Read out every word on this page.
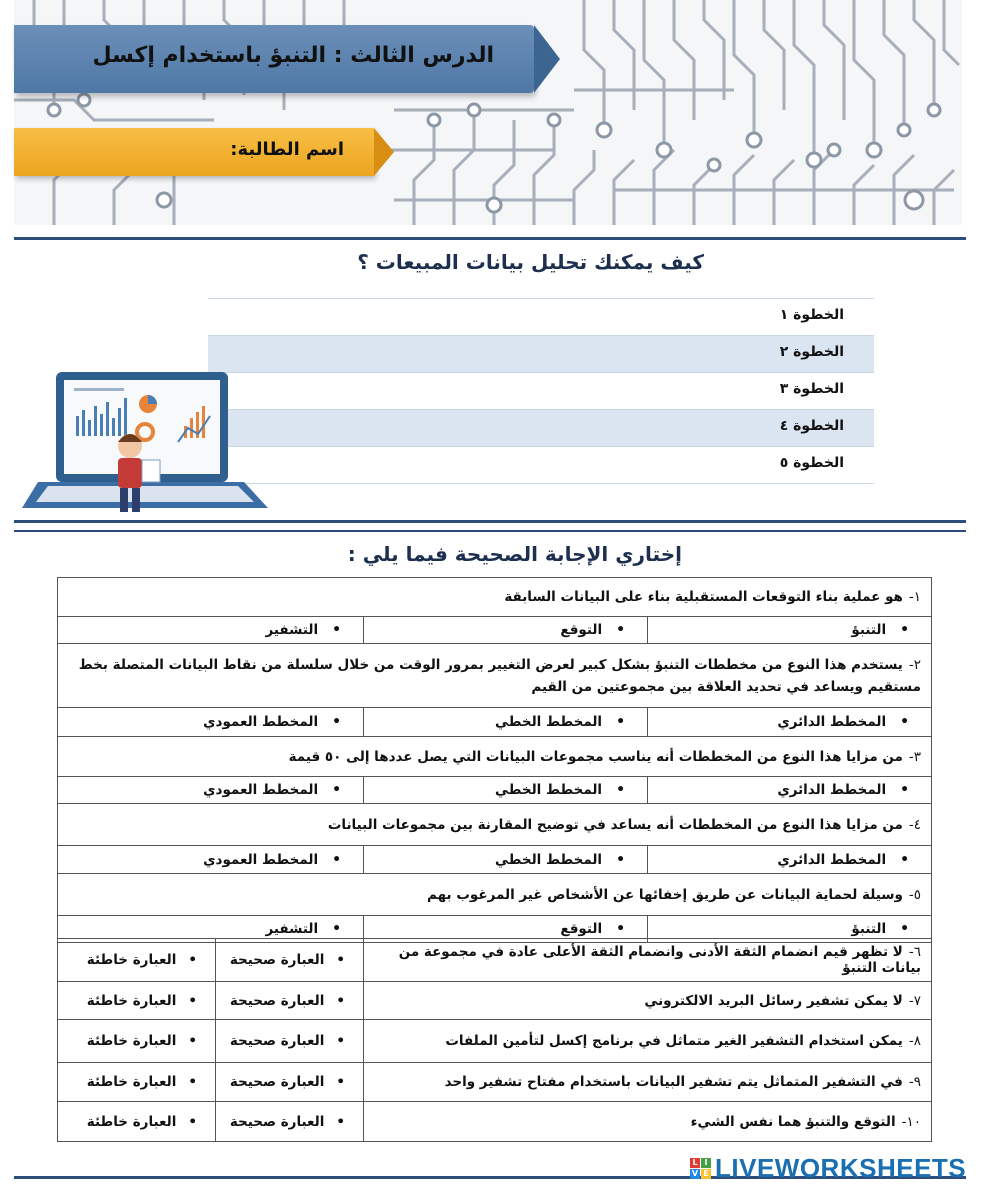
الدرس الثالث : التنبؤ باستخدام إكسل
اسم الطالبة:
كيف يمكنك تحليل بيانات المبيعات ؟
الخطوة ١
الخطوة ٢
الخطوة ٣
الخطوة ٤
الخطوة ٥
إختاري الإجابة الصحيحة فيما يلي :
١-هو عملية بناء التوقعات المستقبلية بناء على البيانات السابقة		
• التنبؤ	• التوقع	• التشفير
٢-يستخدم هذا النوع من مخططات التنبؤ بشكل كبير لعرض التغيير بمرور الوقت من خلال سلسلة من نقاط البيانات المتصلة بخط مستقيم ويساعد في تحديد العلاقة بين مجموعتين من القيم		
• المخطط الدائري	• المخطط الخطي	• المخطط العمودي
٣-من مزايا هذا النوع من المخططات أنه يناسب مجموعات البيانات التي يصل عددها إلى ٥٠ قيمة		
• المخطط الدائري	• المخطط الخطي	• المخطط العمودي
٤-من مزايا هذا النوع من المخططات أنه يساعد في توضيح المقارنة بين مجموعات البيانات		
• المخطط الدائري	• المخطط الخطي	• المخطط العمودي
٥-وسيلة لحماية البيانات عن طريق إخفائها عن الأشخاص غير المرغوب بهم		
• التنبؤ	• التوقع	• التشفير
٦-لا تظهر قيم انضمام الثقة الأدنى وانضمام الثقة الأعلى عادة في مجموعة من بيانات التنبؤ	• العبارة صحيحة	• العبارة خاطئة
٧-لا يمكن تشفير رسائل البريد الالكتروني	• العبارة صحيحة	• العبارة خاطئة
٨-يمكن استخدام التشفير الغير متماثل في برنامج إكسل لتأمين الملفات	• العبارة صحيحة	• العبارة خاطئة
٩-في التشفير المتماثل يتم تشفير البيانات باستخدام مفتاح تشفير واحد	• العبارة صحيحة	• العبارة خاطئة
١٠-التوقع والتنبؤ هما نفس الشيء	• العبارة صحيحة	• العبارة خاطئة
L I
V E LIVEWORKSHEETS
